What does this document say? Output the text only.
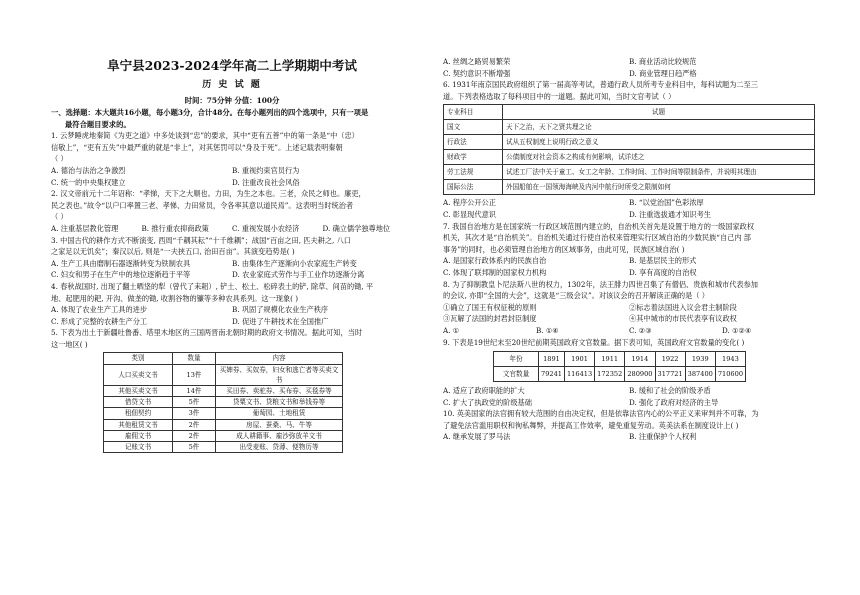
阜宁县2023-2024学年高二上学期期中考试
历 史 试 题
时间：75分钟 分值：100分

一、选择题：本大题共16小题，每小题3分，合计48分。在每小题列出的四个选项中，只有一项是

最符合题目要求的。

1. 云梦睡虎地秦简《为吏之道》中多处谈到“忠”的要求，其中“吏有五善”中的第一条是“中（忠）

信敬上”，“吏有五失”中最严重的就是“非上”，对其惩罚可以“身及于死”。上述记载表明秦朝

（ ）

A. 德治与法治之争激烈	B. 重视约束官员行为
C. 统一的中央集权建立	D. 注重改良社会风俗

2. 汉文帝前元十二年诏称：“孝悌，天下之大顺也。力田，为生之本也。三老，众民之师也。廉吏，

民之表也。”故令“以户口率置三老、孝悌、力田常员，令各率其意以道民焉”。这表明当时统治者

（ ）

A. 注重基层教化管理	B. 推行重农抑商政策	C. 重视发展小农经济	D. 确立儒学独尊地位

3. 中国古代的耕作方式不断演变, 西周“千耦其耘”“十千维耦”；战国“百亩之田, 匹夫耕之, 八口

之家足以无饥矣”；秦汉以后, 则是“一夫挟五口, 治田百亩”。其演变趋势是( )

A. 生产工具由磨制石器逐渐转变为铁制农具	B. 由集体生产逐渐向小农家庭生产转变
C. 妇女和男子在生产中的地位逐渐趋于平等	D. 农业家庭式劳作与手工业作坊逐渐分离

4. 春秋战国时, 出现了翻土晒垡的犁（曾代了耒耜）, 铲土、松土、松碎表土的铲, 除草、间苗的锄, 平

地、起肥用的耙, 开沟、做垄的锄, 收割谷物的镰等多种农具系列。这一现象( )

A. 体现了农业生产工具的进步	B. 巩固了规模化农业生产秩序
C. 形成了完整的农耕生产分工	D. 促进了牛耕技术在全国推广

5. 下表为出土于新疆吐鲁番、塔里木地区的三国两晋南北朝时期的政府文书情况。据此可知，当时

这一地区( )

类别	数量	内容
人口买卖文书	13件	买婢券、买奴券，妇女和逃亡者等买卖文书
其他买卖文书	14件	买田券、卖驼券、买布券、买毯券等
借贷文书	5件	贷粟文书、贷粮文书和举钱券等
租佃契约	3件	葡萄园、土地租赁
其他租赁文书	2件	房屋、蚕桑、马、牛等
雇佣文书	2件	成人耕籍事、雇沙弥放羊文书
记账文书	5件	出受麦账、贷薄、便物历等
A. 丝绸之路贸易繁荣	B. 商业活动比较规范
C. 契约意识不断增强	D. 商业管理日趋严格

6. 1931年南京国民政府组织了第一届高等考试，普通行政人员所考专业科目中，每科试题为二至三

道。下列表格选取了每科项目中的一道题。据此可知，当时文官考试（ ）

专业科目	试题
国文	天下之治，天下之贤共理之论
行政法	试从五权制度上说明行政之意义
财政学	公债制度对社会资本之构成有何影响，试详述之
劳工法规	试述工厂法中关于童工、女工之年龄、工作时间、工作时间等限制条件，并说明其理由
国际公法	外国船舶在一国领海海峡及内河中航行时所受之限制如何
A. 程序公开公正	B. “以党治国”色彩浓厚
C. 彰显现代意识	D. 注重选拔通才知识考生

7. 我国自治地方是在国家统一行政区域范围内建立的，自治机关首先是设置于地方的一级国家政权

机关，其次才是“自治机关”。自治机关通过行使自治权来管理实行区域自治的少数民族“自己内 部

事务”的同时，也必须管理自治地方的区域事务，由此可见，民族区域自治( )

A. 是国家行政体系内的民族自治	B. 是基层民主的形式
C. 体现了联邦制的国家权力机构	D. 享有高度的自治权

8. 为了抑制教皇卜尼法斯八世的权力，1302年，法王腓力四世召集了有僧侣、贵族和城市代表参加

的会议, 亦即“全国的大会”，这就是“三级会议”。对该议会的召开解读正确的是（ ）

①确立了国王有权征税的原则	②标志着法国进入议会君主制阶段
③瓦解了法国的封君封臣制度	④其中城市的市民代表享有议政权
A. ①	B. ①④	C. ②③	D. ①②④

9. 下表是19世纪末至20世纪前期英国政府文官数量。据下表可知，英国政府文官数量的变化( )

年份	1891	1901	1911	1914	1922	1939	1943
文官数量	79241	116413	172352	280900	317721	387400	710600
A. 适应了政府职能的扩大	B. 缓和了社会的阶级矛盾
C. 扩大了执政党的阶级基础	D. 强化了政府对经济的主导

10. 英美国家的法官拥有较大范围的自由决定权，但是依靠法官内心的公平正义来审判并不可靠，为

了避免法官滥用职权和徇私舞弊，并提高工作效率，避免重复劳动。英美法系在制度设计上( )

A. 继承发展了罗马法	B. 注重保护个人权利
